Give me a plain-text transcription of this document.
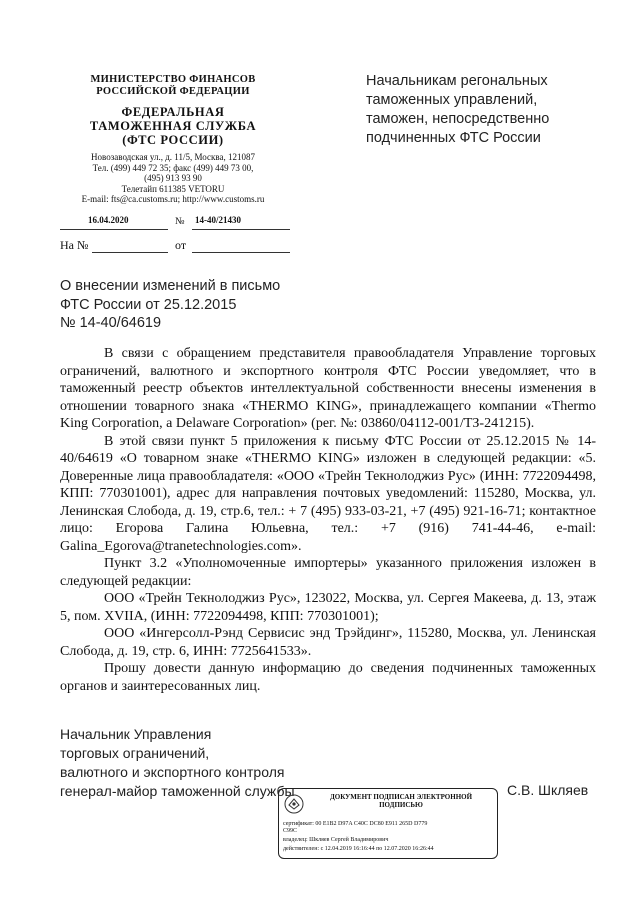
МИНИСТЕРСТВО ФИНАНСОВ
РОССИЙСКОЙ ФЕДЕРАЦИИ
ФЕДЕРАЛЬНАЯ
ТАМОЖЕННАЯ СЛУЖБА
(ФТС РОССИИ)
Новозаводская ул., д. 11/5, Москва, 121087
Тел. (499) 449 72 35; факс (499) 449 73 00,
(495) 913 93 90
Телетайп 611385 VETORU
E-mail: fts@ca.customs.ru; http://www.customs.ru
16.04.2020	№ 14-40/21430
На №	от
Начальникам регональных
таможенных управлений,
таможен, непосредственно
подчиненных ФТС России
О внесении изменений в письмо
ФТС России от 25.12.2015
№ 14-40/64619

В связи с обращением представителя правообладателя Управление торговых ограничений, валютного и экспортного контроля ФТС России уведомляет, что в таможенный реестр объектов интеллектуальной собственности внесены изменения в отношении товарного знака «THERMO KING», принадлежащего компании «Thermo King Corporation, a Delaware Corporation» (рег. №: 03860/04112-001/ТЗ-241215).

В этой связи пункт 5 приложения к письму ФТС России от 25.12.2015 № 14-40/64619 «О товарном знаке «THERMO KING» изложен в следующей редакции: «5. Доверенные лица правообладателя: «ООО «Трейн Текнолоджиз Рус» (ИНН: 7722094498, КПП: 770301001), адрес для направления почтовых уведомлений: 115280, Москва, ул. Ленинская Слобода, д. 19, стр.6, тел.: + 7 (495) 933-03-21, +7 (495) 921-16-71; контактное лицо: Егорова Галина Юльевна, тел.: +7 (916) 741-44-46, e-mail: Galina_Egorova@tranetechnologies.com».

Пункт 3.2 «Уполномоченные импортеры» указанного приложения изложен в следующей редакции:

ООО «Трейн Текнолоджиз Рус», 123022, Москва, ул. Сергея Макеева, д. 13, этаж 5, пом. XVIIA, (ИНН: 7722094498, КПП: 770301001);

ООО «Ингерсолл-Рэнд Сервисис энд Трэйдинг», 115280, Москва, ул. Ленинская Слобода, д. 19, стр. 6, ИНН: 7725641533».

Прошу довести данную информацию до сведения подчиненных таможенных органов и заинтересованных лиц.

Начальник Управления
торговых ограничений,
валютного и экспортного контроля
генерал-майор таможенной службы	С.В. Шкляев
ДОКУМЕНТ ПОДПИСАН ЭЛЕКТРОННОЙ
ПОДПИСЬЮ
сертификат: 00 E1B2 D97A C40C DC80 E911 265D D779
C99C
владелец: Шкляев Сергей Владимирович
действителен: с 12.04.2019 16:16:44 по 12.07.2020 16:26:44
